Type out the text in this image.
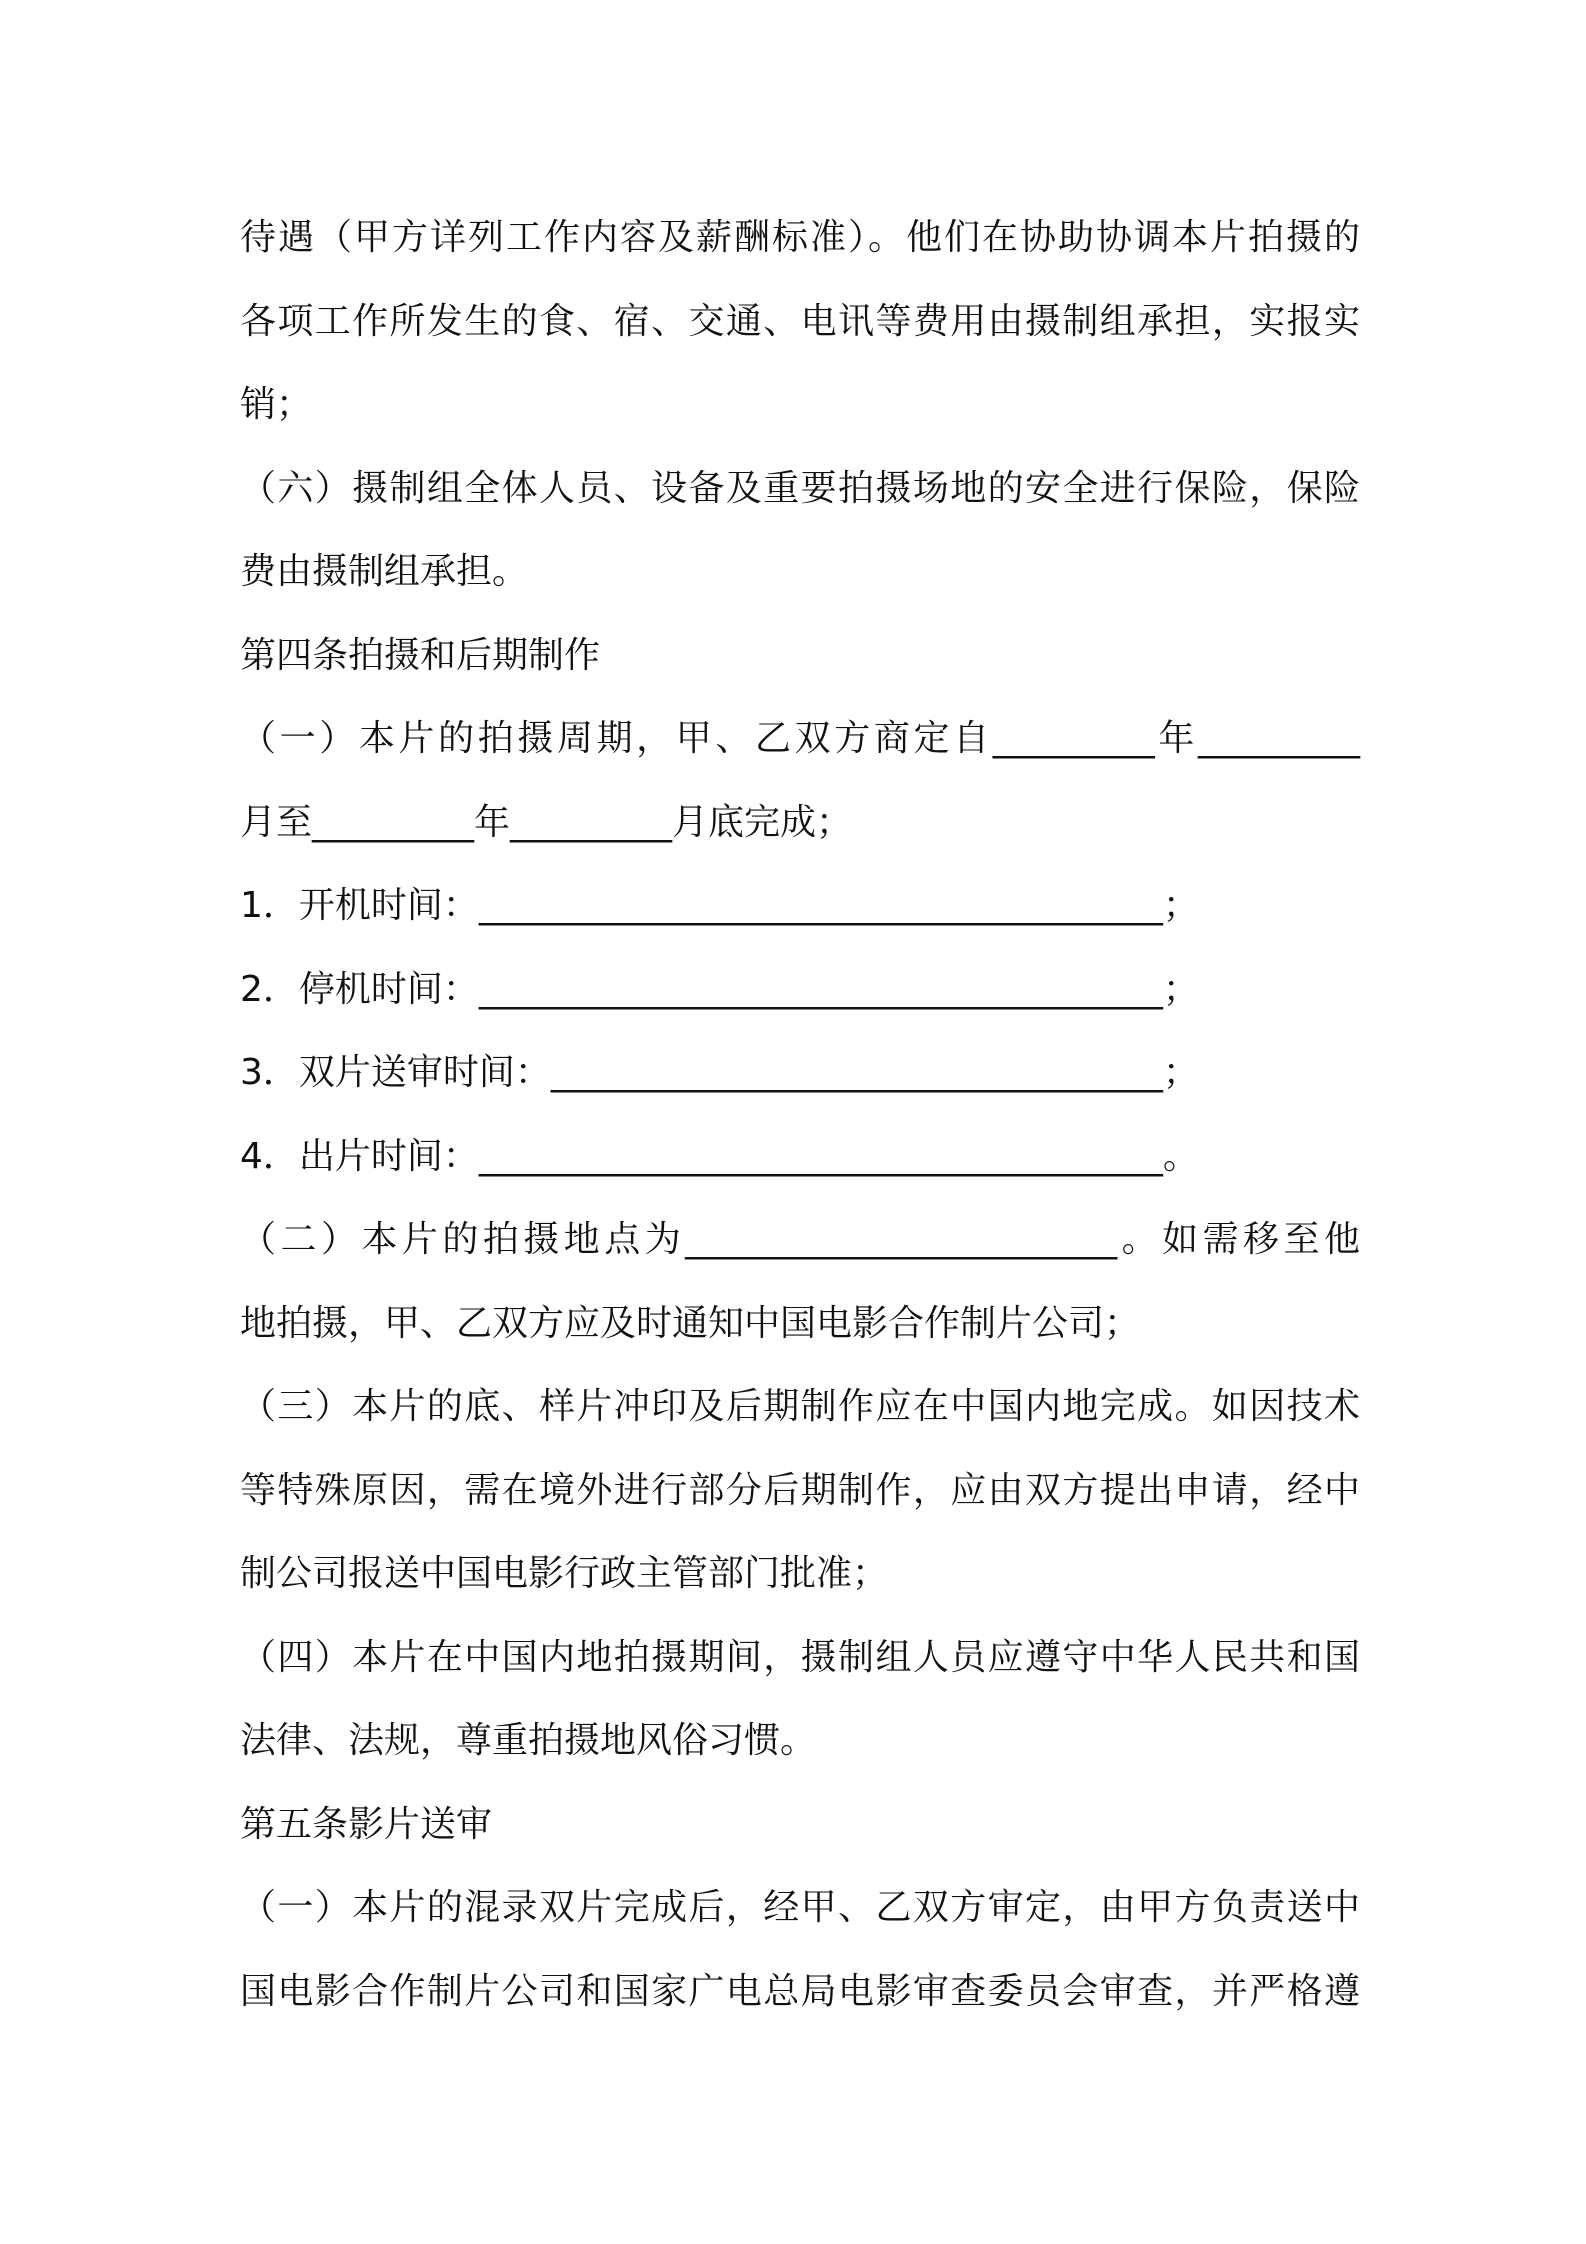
待遇（甲方详列工作内容及薪酬标准）。他们在协助协调本片拍摄的
各项工作所发生的食、宿、交通、电讯等费用由摄制组承担，实报实
销；
（六）摄制组全体人员、设备及重要拍摄场地的安全进行保险，保险
费由摄制组承担。
第四条拍摄和后期制作
（一）本片的拍摄周期，甲、乙双方商定自_________年_________
月至_________年_________月底完成；
1．开机时间：______________________________________；
2．停机时间：______________________________________；
3．双片送审时间：__________________________________；
4．出片时间：______________________________________。
（二）本片的拍摄地点为________________________。如需移至他
地拍摄，甲、乙双方应及时通知中国电影合作制片公司；
（三）本片的底、样片冲印及后期制作应在中国内地完成。如因技术
等特殊原因，需在境外进行部分后期制作，应由双方提出申请，经中
制公司报送中国电影行政主管部门批准；
（四）本片在中国内地拍摄期间，摄制组人员应遵守中华人民共和国
法律、法规，尊重拍摄地风俗习惯。
第五条影片送审
（一）本片的混录双片完成后，经甲、乙双方审定，由甲方负责送中
国电影合作制片公司和国家广电总局电影审查委员会审查，并严格遵
